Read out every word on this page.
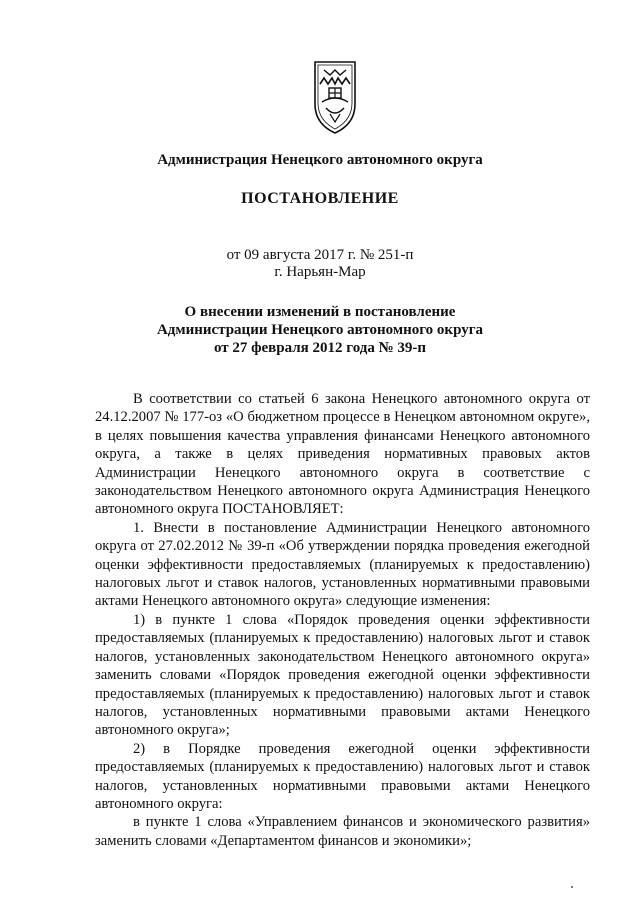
Администрация Ненецкого автономного округа
ПОСТАНОВЛЕНИЕ
от 09 августа 2017 г. № 251-п
г. Нарьян-Мар
О внесении изменений в постановление
Администрации Ненецкого автономного округа
от 27 февраля 2012 года № 39-п

В соответствии со статьей 6 закона Ненецкого автономного округа от 24.12.2007 № 177-оз «О бюджетном процессе в Ненецком автономном округе», в целях повышения качества управления финансами Ненецкого автономного округа, а также в целях приведения нормативных правовых актов Администрации Ненецкого автономного округа в соответствие с законодательством Ненецкого автономного округа Администрация Ненецкого автономного округа ПОСТАНОВЛЯЕТ:

1. Внести в постановление Администрации Ненецкого автономного округа от 27.02.2012 № 39-п «Об утверждении порядка проведения ежегодной оценки эффективности предоставляемых (планируемых к предоставлению) налоговых льгот и ставок налогов, установленных нормативными правовыми актами Ненецкого автономного округа» следующие изменения:

1) в пункте 1 слова «Порядок проведения оценки эффективности предоставляемых (планируемых к предоставлению) налоговых льгот и ставок налогов, установленных законодательством Ненецкого автономного округа» заменить словами «Порядок проведения ежегодной оценки эффективности предоставляемых (планируемых к предоставлению) налоговых льгот и ставок налогов, установленных нормативными правовыми актами Ненецкого автономного округа»;

2) в Порядке проведения ежегодной оценки эффективности предоставляемых (планируемых к предоставлению) налоговых льгот и ставок налогов, установленных нормативными правовыми актами Ненецкого автономного округа:

в пункте 1 слова «Управлением финансов и экономического развития» заменить словами «Департаментом финансов и экономики»;
